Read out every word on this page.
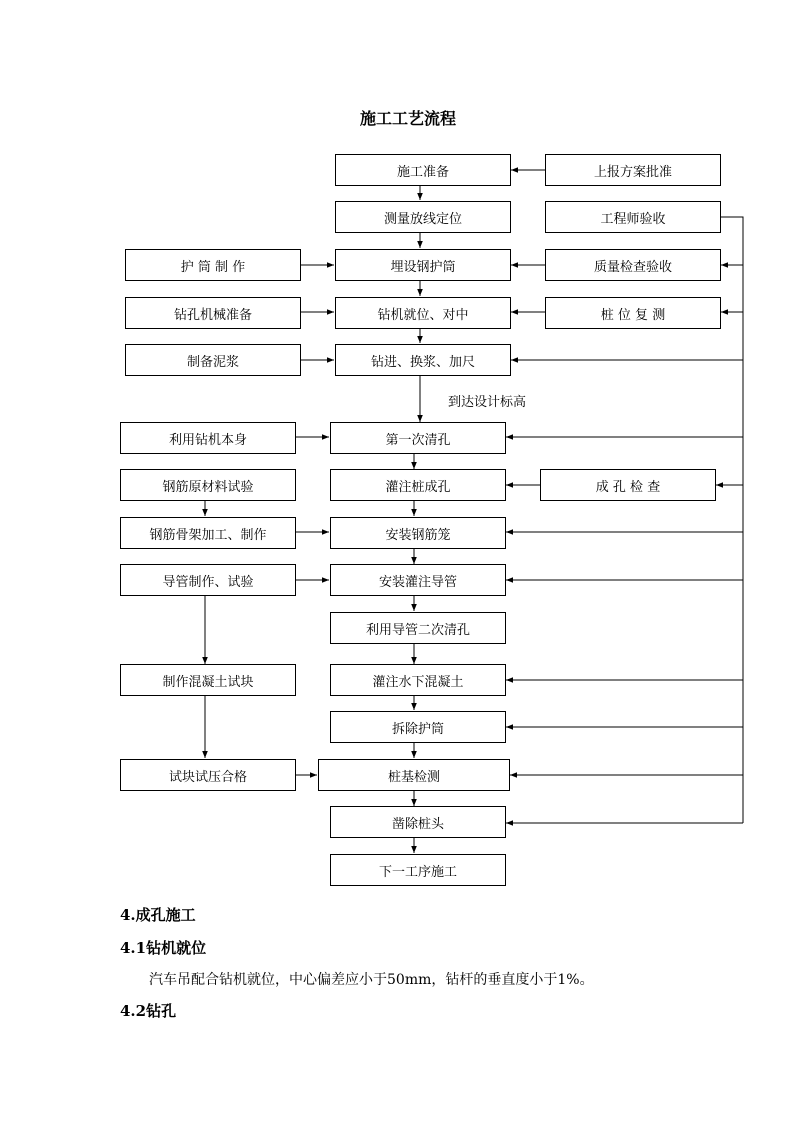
施工工艺流程
施工准备
测量放线定位
埋设钢护筒
钻机就位、对中
钻进、换浆、加尺
到达设计标高
第一次清孔
灌注桩成孔
安装钢筋笼
安装灌注导管
利用导管二次清孔
灌注水下混凝土
拆除护筒
桩基检测
凿除桩头
下一工序施工
上报方案批准
工程师验收
质量检查验收
桩 位 复 测
成 孔 检 查
护 筒 制 作
钻孔机械准备
制备泥浆
利用钻机本身
钢筋原材料试验
钢筋骨架加工、制作
导管制作、试验
制作混凝土试块
试块试压合格
4.成孔施工
4.1钻机就位
汽车吊配合钻机就位，中心偏差应小于50mm，钻杆的垂直度小于1%。
4.2钻孔
